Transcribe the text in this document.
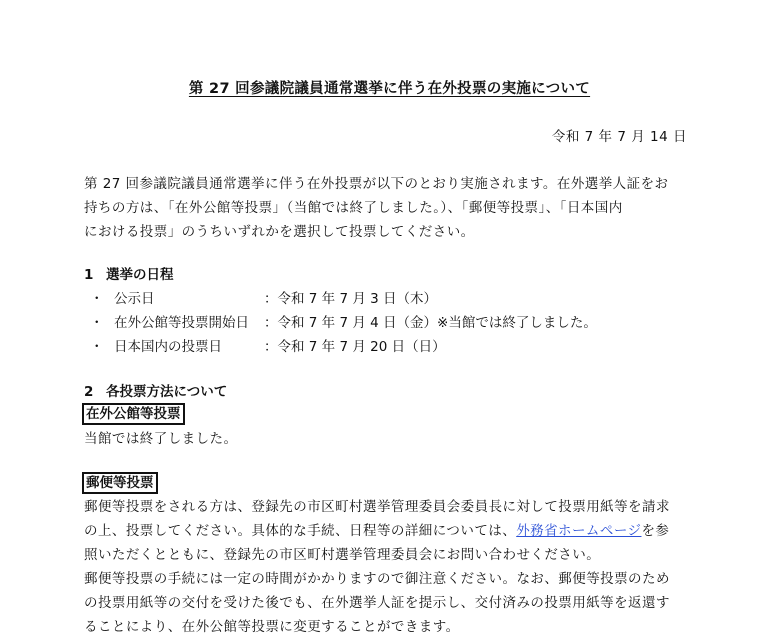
第 27 回参議院議員通常選挙に伴う在外投票の実施について
令和 7 年 7 月 14 日
第 27 回参議院議員通常選挙に伴う在外投票が以下のとおり実施されます。在外選挙人証をお
持ちの方は、「在外公館等投票」（当館では終了しました。）、「郵便等投票」、「日本国内
における投票」のうちいずれかを選択して投票してください。
1 選挙の日程
・ 公示日	：令和 7 年 7 月 3 日（木）
・ 在外公館等投票開始日 ：令和 7 年 7 月 4 日（金）※当館では終了しました。
・ 日本国内の投票日	：令和 7 年 7 月 20 日（日）
2 各投票方法について
在外公館等投票
当館では終了しました。
郵便等投票
郵便等投票をされる方は、登録先の市区町村選挙管理委員会委員長に対して投票用紙等を請求
の上、投票してください。具体的な手続、日程等の詳細については、外務省ホームページを参
照いただくとともに、登録先の市区町村選挙管理委員会にお問い合わせください。
郵便等投票の手続には一定の時間がかかりますので御注意ください。なお、郵便等投票のため
の投票用紙等の交付を受けた後でも、在外選挙人証を提示し、交付済みの投票用紙等を返還す
ることにより、在外公館等投票に変更することができます。
